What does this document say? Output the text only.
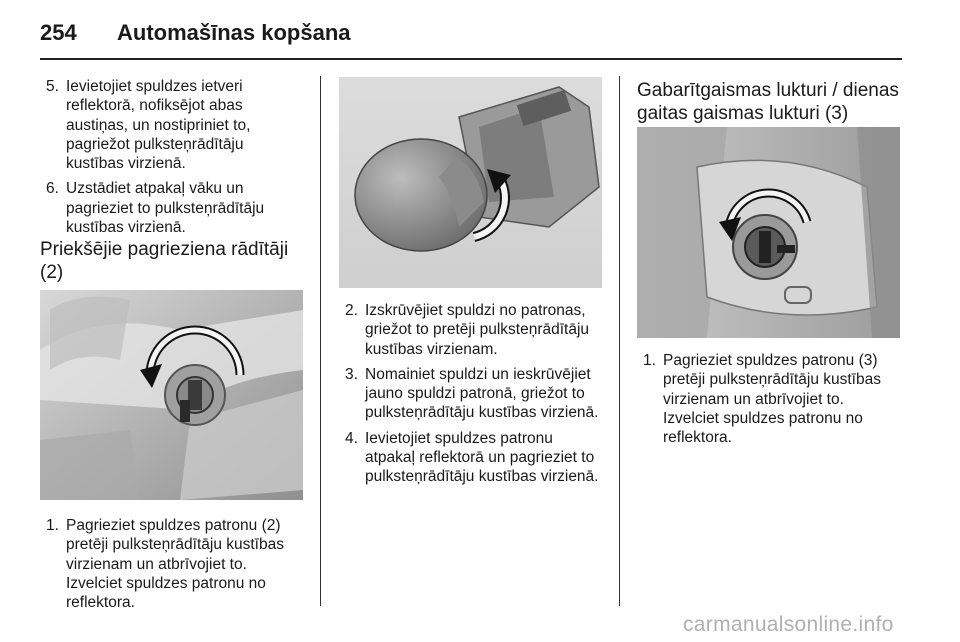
254 Automašīnas kopšana
5. Ievietojiet spuldzes ietveri reflektorā, nofiksējot abas austiņas, un nostipriniet to, pagriežot pulksteņrādītāju kustības virzienā.
6. Uzstādiet atpakaļ vāku un pagrieziet to pulksteņrādītāju kustības virzienā.
Priekšējie pagrieziena rādītāji (2)
1. Pagrieziet spuldzes patronu (2) pretēji pulksteņrādītāju kustības virzienam un atbrīvojiet to. Izvelciet spuldzes patronu no reflektora.
2. Izskrūvējiet spuldzi no patronas, griežot to pretēji pulksteņrādītāju kustības virzienam.
3. Nomainiet spuldzi un ieskrūvējiet jauno spuldzi patronā, griežot to pulksteņrādītāju kustības virzienā.
4. Ievietojiet spuldzes patronu atpakaļ reflektorā un pagrieziet to pulksteņrādītāju kustības virzienā.
Gabarītgaismas lukturi / dienas gaitas gaismas lukturi (3)
1. Pagrieziet spuldzes patronu (3) pretēji pulksteņrādītāju kustības virzienam un atbrīvojiet to. Izvelciet spuldzes patronu no reflektora.
carmanualsonline.info
